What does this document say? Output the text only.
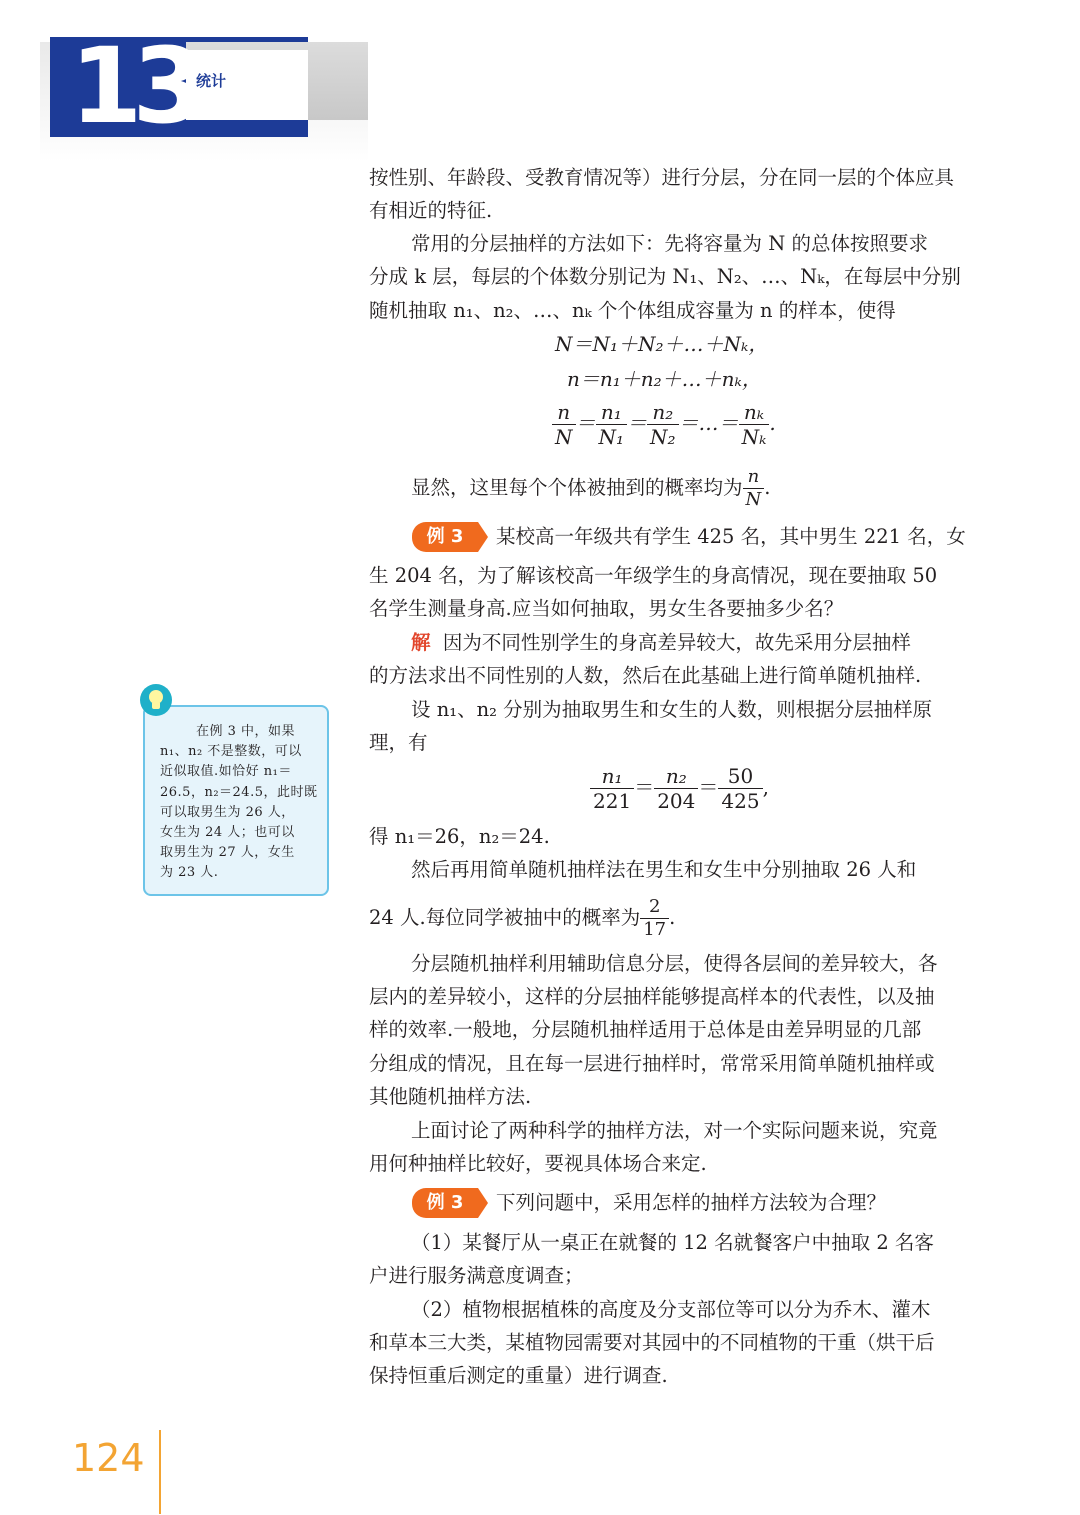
13 统计
按性别、年龄段、受教育情况等）进行分层，分在同一层的个体应具
有相近的特征.
常用的分层抽样的方法如下：先将容量为 N 的总体按照要求
分成 k 层，每层的个体数分别记为 N₁、N₂、…、Nₖ，在每层中分别
随机抽取 n₁、n₂、…、nₖ 个个体组成容量为 n 的样本，使得
N＝N₁＋N₂＋…＋Nₖ，
n＝n₁＋n₂＋…＋nₖ，
$\frac{n}{N} = \frac{\text{n₁}}{\text{N₁}} = \frac{\text{n₂}}{\text{N₂}}$ ＝…＝ $\frac{\text{nₖ}}{\text{Nₖ}}$ .
显然，这里每个个体被抽到的概率均为 $\frac{n}{N}$ .
例 3	某校高一年级共有学生 425 名，其中男生 221 名，女
生 204 名，为了解该校高一年级学生的身高情况，现在要抽取 50
名学生测量身高.应当如何抽取，男女生各要抽多少名？
解 因为不同性别学生的身高差异较大，故先采用分层抽样
的方法求出不同性别的人数，然后在此基础上进行简单随机抽样.
设 n₁、n₂ 分别为抽取男生和女生的人数，则根据分层抽样原
理，有
$\frac{\text{n₁}}{221} = \frac{\text{n₂}}{204} = \frac{50}{425}$ ,
得 n₁＝26，n₂＝24.
然后再用简单随机抽样法在男生和女生中分别抽取 26 人和
24 人.每位同学被抽中的概率为 $\frac{2}{17}$ .
分层随机抽样利用辅助信息分层，使得各层间的差异较大，各
层内的差异较小，这样的分层抽样能够提高样本的代表性，以及抽
样的效率.一般地，分层随机抽样适用于总体是由差异明显的几部
分组成的情况，且在每一层进行抽样时，常常采用简单随机抽样或
其他随机抽样方法.
上面讨论了两种科学的抽样方法，对一个实际问题来说，究竟
用何种抽样比较好，要视具体场合来定.
例 3	下列问题中，采用怎样的抽样方法较为合理？
（1）某餐厅从一桌正在就餐的 12 名就餐客户中抽取 2 名客
户进行服务满意度调查；
（2）植物根据植株的高度及分支部位等可以分为乔木、灌木
和草本三大类，某植物园需要对其园中的不同植物的干重（烘干后
保持恒重后测定的重量）进行调查.
在例 3 中，如果
n₁、n₂ 不是整数，可以
近似取值.如恰好 n₁＝
26.5，n₂＝24.5，此时既
可以取男生为 26 人，
女生为 24 人；也可以
取男生为 27 人，女生
为 23 人.
124
